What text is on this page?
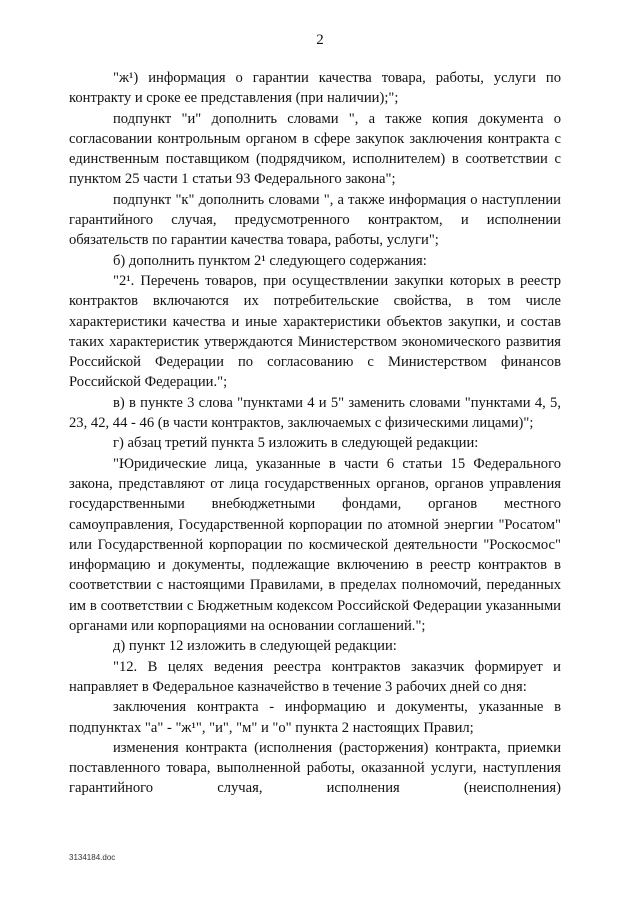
2

"ж¹) информация о гарантии качества товара, работы, услуги по контракту и сроке ее представления (при наличии);";

подпункт "и" дополнить словами ", а также копия документа о согласовании контрольным органом в сфере закупок заключения контракта с единственным поставщиком (подрядчиком, исполнителем) в соответствии с пунктом 25 части 1 статьи 93 Федерального закона";

подпункт "к" дополнить словами ", а также информация о наступлении гарантийного случая, предусмотренного контрактом, и исполнении обязательств по гарантии качества товара, работы, услуги";

б) дополнить пунктом 2¹ следующего содержания:

"2¹. Перечень товаров, при осуществлении закупки которых в реестр контрактов включаются их потребительские свойства, в том числе характеристики качества и иные характеристики объектов закупки, и состав таких характеристик утверждаются Министерством экономического развития Российской Федерации по согласованию с Министерством финансов Российской Федерации.";

в) в пункте 3 слова "пунктами 4 и 5" заменить словами "пунктами 4, 5, 23, 42, 44 - 46 (в части контрактов, заключаемых с физическими лицами)";

г) абзац третий пункта 5 изложить в следующей редакции:

"Юридические лица, указанные в части 6 статьи 15 Федерального закона, представляют от лица государственных органов, органов управления государственными внебюджетными фондами, органов местного самоуправления, Государственной корпорации по атомной энергии "Росатом" или Государственной корпорации по космической деятельности "Роскосмос" информацию и документы, подлежащие включению в реестр контрактов в соответствии с настоящими Правилами, в пределах полномочий, переданных им в соответствии с Бюджетным кодексом Российской Федерации указанными органами или корпорациями на основании соглашений.";

д) пункт 12 изложить в следующей редакции:

"12. В целях ведения реестра контрактов заказчик формирует и направляет в Федеральное казначейство в течение 3 рабочих дней со дня:

заключения контракта - информацию и документы, указанные в подпунктах "а" - "ж¹", "и", "м" и "о" пункта 2 настоящих Правил;

изменения контракта (исполнения (расторжения) контракта, приемки поставленного товара, выполненной работы, оказанной услуги, наступления гарантийного случая, исполнения (неисполнения)

3134184.doc
